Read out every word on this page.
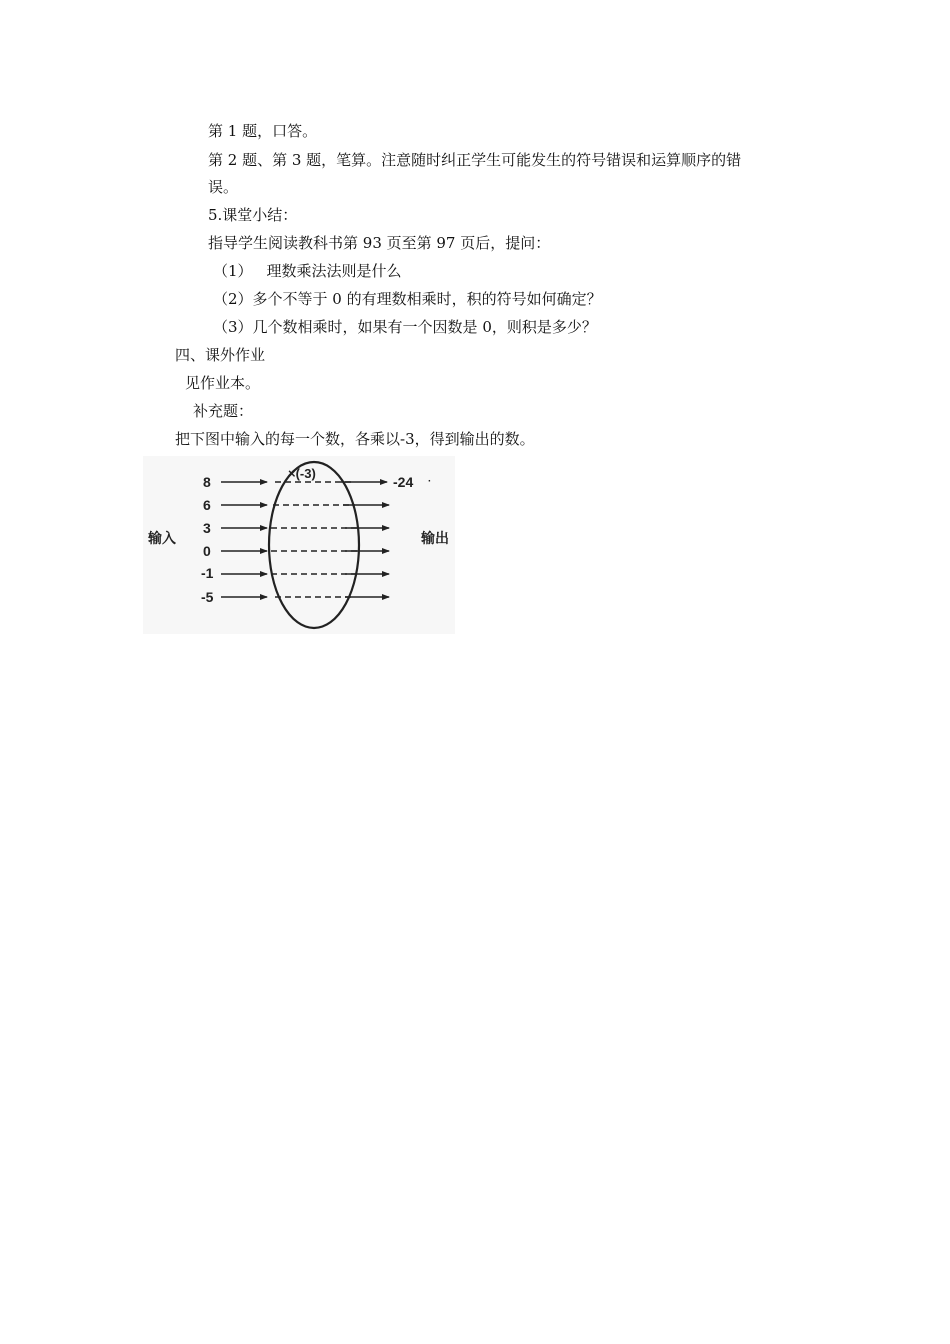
第 1 题，口答。
第 2 题、第 3 题，笔算。注意随时纠正学生可能发生的符号错误和运算顺序的错
误。
5.课堂小结：
指导学生阅读教科书第 93 页至第 97 页后，提问：
（1） 理数乘法法则是什么
（2）多个不等于 0 的有理数相乘时，积的符号如何确定？
（3）几个数相乘时，如果有一个因数是 0，则积是多少？
四、课外作业
见作业本。
补充题：
把下图中输入的每一个数，各乘以-3，得到输出的数。
输入	输出
×(-3)
8	-24 ·
6
3
0
-1
-5
